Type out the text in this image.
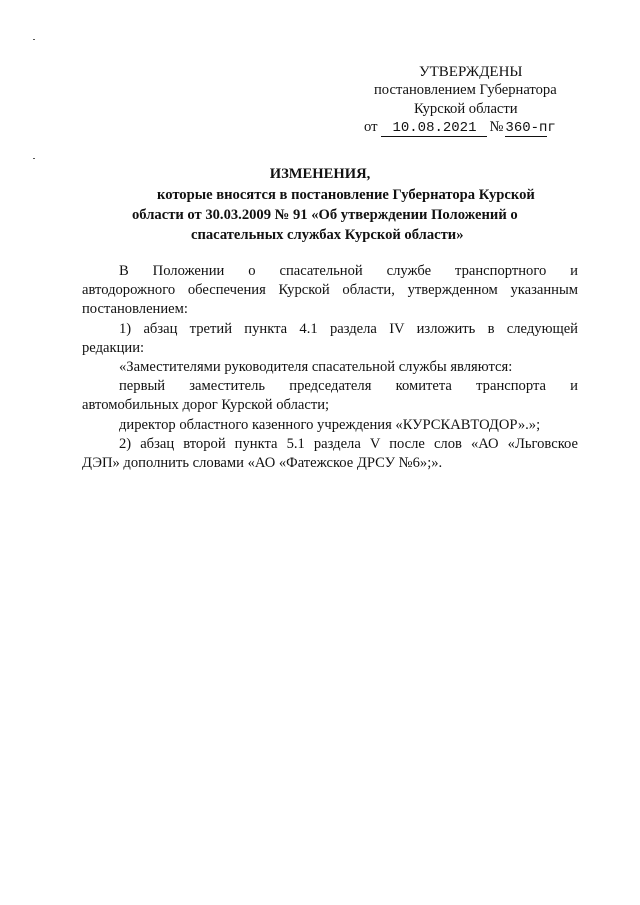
УТВЕРЖДЕНЫ
постановлением Губернатора
Курской области
от 10.08.2021 № 360-пг
ИЗМЕНЕНИЯ,
которые вносятся в постановление Губернатора Курской
области от 30.03.2009 № 91 «Об утверждении Положений о
спасательных службах Курской области»

В Положении о спасательной службе транспортного и
автодорожного обеспечения Курской области, утвержденном указанным
постановлением:

1) абзац третий пункта 4.1 раздела IV изложить в следующей
редакции:

«Заместителями руководителя спасательной службы являются:

первый заместитель председателя комитета транспорта и
автомобильных дорог Курской области;

директор областного казенного учреждения «КУРСКАВТОДОР».»;

2) абзац второй пункта 5.1 раздела V после слов «АО «Льговское
ДЭП» дополнить словами «АО «Фатежское ДРСУ №6»;».
